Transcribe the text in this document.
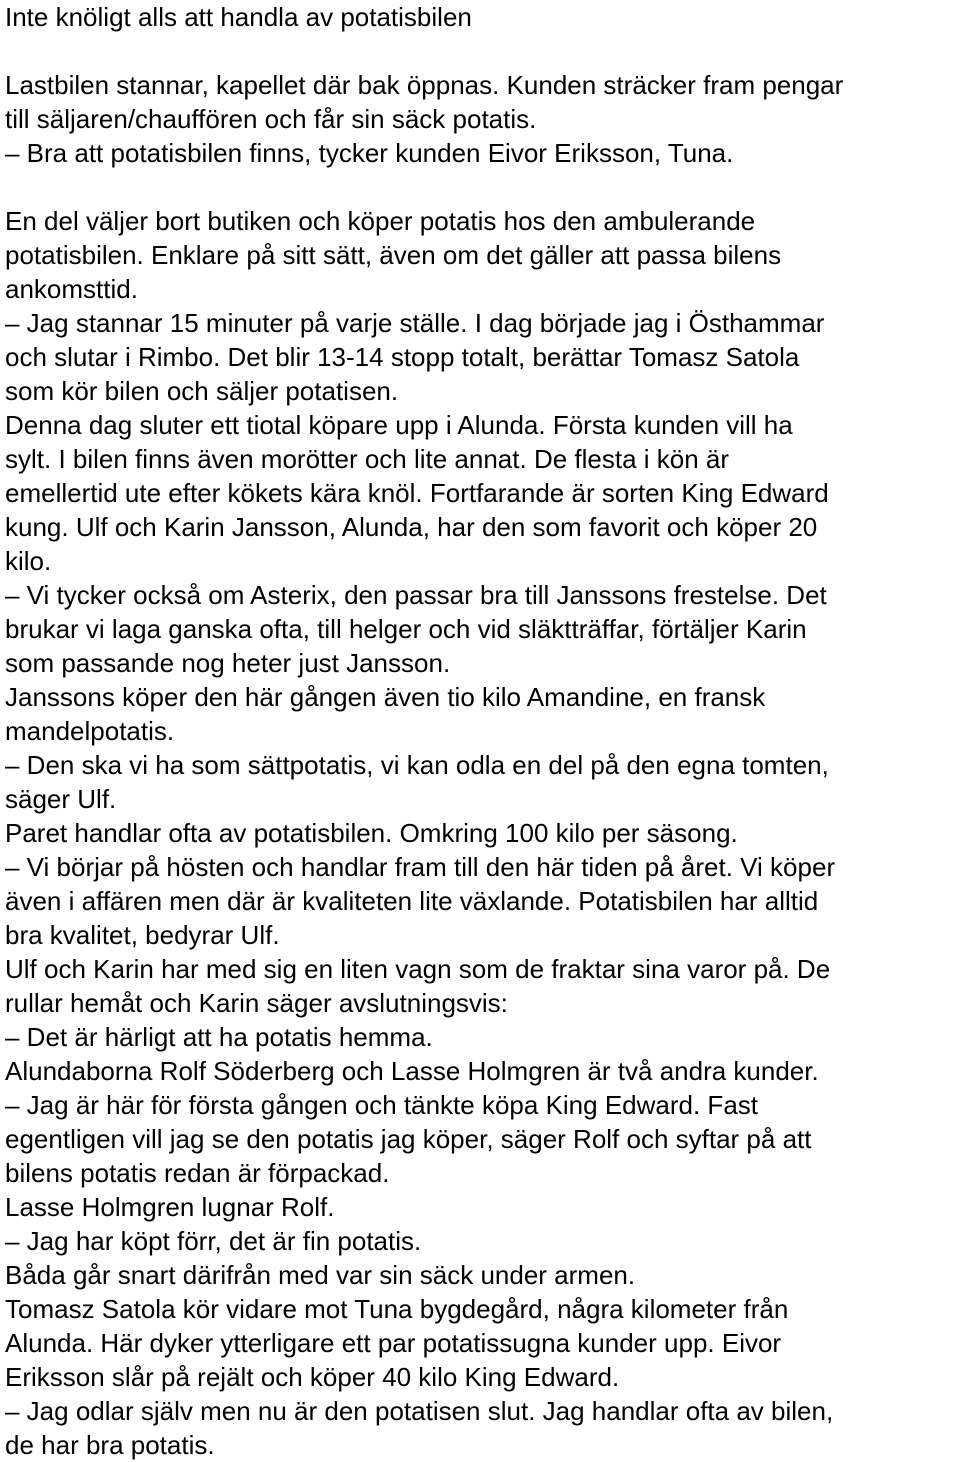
Inte knöligt alls att handla av potatisbilen
Lastbilen stannar, kapellet där bak öppnas. Kunden sträcker fram pengar
till säljaren/chauffören och får sin säck potatis.
– Bra att potatisbilen finns, tycker kunden Eivor Eriksson, Tuna.
En del väljer bort butiken och köper potatis hos den ambulerande
potatisbilen. Enklare på sitt sätt, även om det gäller att passa bilens
ankomsttid.
– Jag stannar 15 minuter på varje ställe. I dag började jag i Östhammar
och slutar i Rimbo. Det blir 13-14 stopp totalt, berättar Tomasz Satola
som kör bilen och säljer potatisen.
Denna dag sluter ett tiotal köpare upp i Alunda. Första kunden vill ha
sylt. I bilen finns även morötter och lite annat. De flesta i kön är
emellertid ute efter kökets kära knöl. Fortfarande är sorten King Edward
kung. Ulf och Karin Jansson, Alunda, har den som favorit och köper 20
kilo.
– Vi tycker också om Asterix, den passar bra till Janssons frestelse. Det
brukar vi laga ganska ofta, till helger och vid släktträffar, förtäljer Karin
som passande nog heter just Jansson.
Janssons köper den här gången även tio kilo Amandine, en fransk
mandelpotatis.
– Den ska vi ha som sättpotatis, vi kan odla en del på den egna tomten,
säger Ulf.
Paret handlar ofta av potatisbilen. Omkring 100 kilo per säsong.
– Vi börjar på hösten och handlar fram till den här tiden på året. Vi köper
även i affären men där är kvaliteten lite växlande. Potatisbilen har alltid
bra kvalitet, bedyrar Ulf.
Ulf och Karin har med sig en liten vagn som de fraktar sina varor på. De
rullar hemåt och Karin säger avslutningsvis:
– Det är härligt att ha potatis hemma.
Alundaborna Rolf Söderberg och Lasse Holmgren är två andra kunder.
– Jag är här för första gången och tänkte köpa King Edward. Fast
egentligen vill jag se den potatis jag köper, säger Rolf och syftar på att
bilens potatis redan är förpackad.
Lasse Holmgren lugnar Rolf.
– Jag har köpt förr, det är fin potatis.
Båda går snart därifrån med var sin säck under armen.
Tomasz Satola kör vidare mot Tuna bygdegård, några kilometer från
Alunda. Här dyker ytterligare ett par potatissugna kunder upp. Eivor
Eriksson slår på rejält och köper 40 kilo King Edward.
– Jag odlar själv men nu är den potatisen slut. Jag handlar ofta av bilen,
de har bra potatis.
